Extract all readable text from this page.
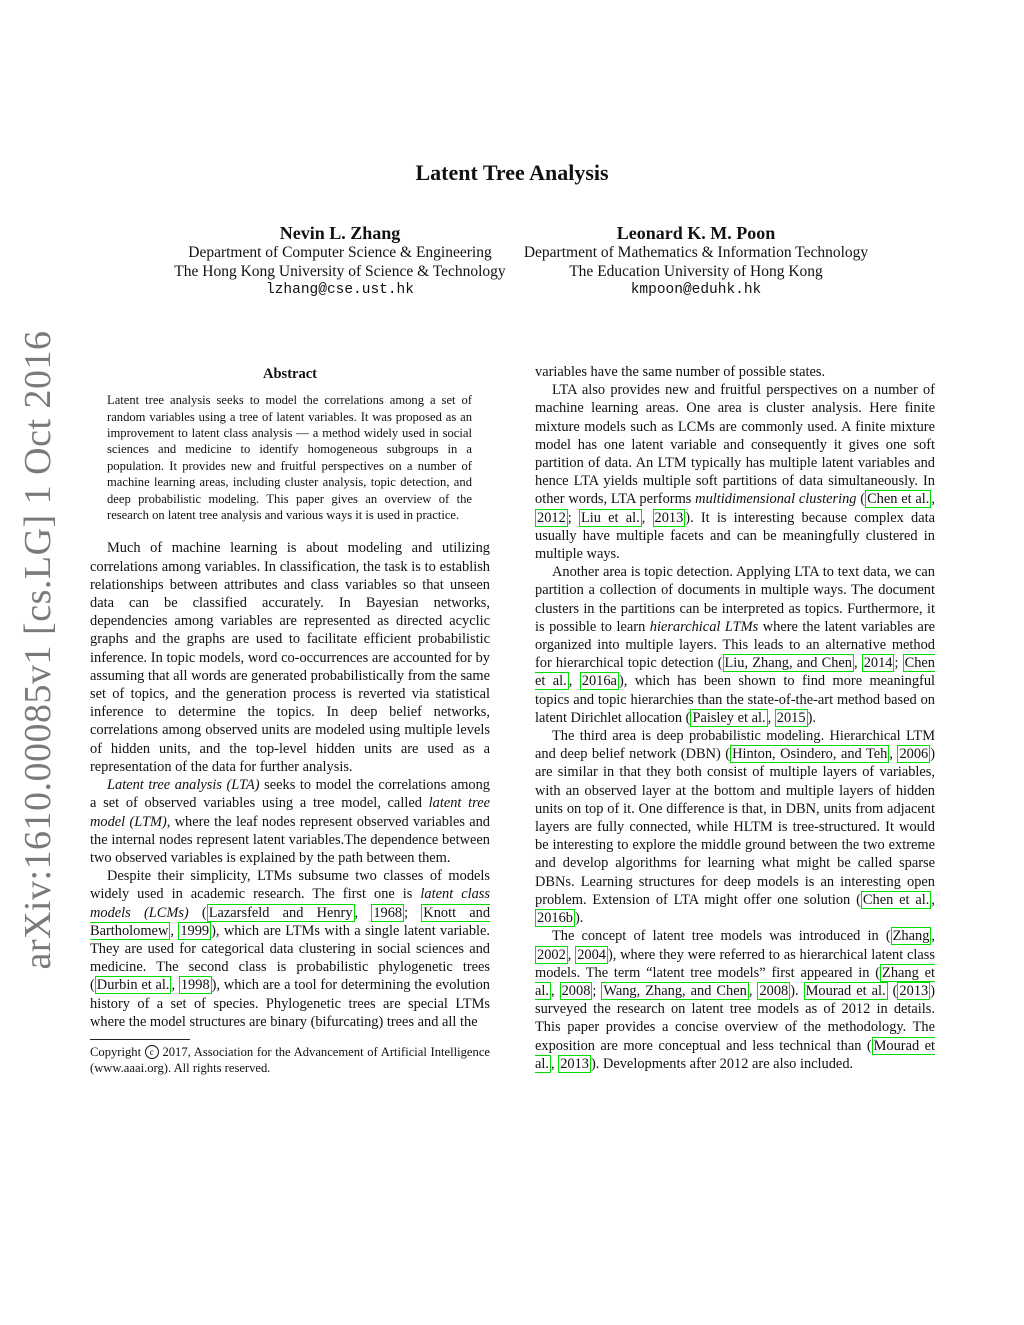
arXiv:1610.00085v1 [cs.LG] 1 Oct 2016
Latent Tree Analysis
Nevin L. Zhang
Department of Computer Science & Engineering
The Hong Kong University of Science & Technology
lzhang@cse.ust.hk
Leonard K. M. Poon
Department of Mathematics & Information Technology
The Education University of Hong Kong
kmpoon@eduhk.hk
Abstract

Latent tree analysis seeks to model the correlations among a set of random variables using a tree of latent variables. It was proposed as an improvement to latent class analysis — a method widely used in social sciences and medicine to identify homogeneous subgroups in a population. It provides new and fruitful perspectives on a number of machine learning areas, including cluster analysis, topic detection, and deep probabilistic modeling. This paper gives an overview of the research on latent tree analysis and various ways it is used in practice.

Much of machine learning is about modeling and utilizing correlations among variables. In classification, the task is to establish relationships between attributes and class variables so that unseen data can be classified accurately. In Bayesian networks, dependencies among variables are represented as directed acyclic graphs and the graphs are used to facilitate efficient probabilistic inference. In topic models, word co-occurrences are accounted for by assuming that all words are generated probabilistically from the same set of topics, and the generation process is reverted via statistical inference to determine the topics. In deep belief networks, correlations among observed units are modeled using multiple levels of hidden units, and the top-level hidden units are used as a representation of the data for further analysis.

Latent tree analysis (LTA) seeks to model the correlations among a set of observed variables using a tree model, called latent tree model (LTM), where the leaf nodes represent observed variables and the internal nodes represent latent variables.The dependence between two observed variables is explained by the path between them.

Despite their simplicity, LTMs subsume two classes of models widely used in academic research. The first one is latent class models (LCMs) ( Lazarsfeld and Henry , 1968 ; Knott and Bartholomew , 1999 ), which are LTMs with a single latent variable. They are used for categorical data clustering in social sciences and medicine. The second class is probabilistic phylogenetic trees ( Durbin et al. , 1998 ), which are a tool for determining the evolution history of a set of species. Phylogenetic trees are special LTMs where the model structures are binary (bifurcating) trees and all the

Copyright c 2017, Association for the Advancement of Artificial Intelligence (www.aaai.org). All rights reserved.

variables have the same number of possible states.

LTA also provides new and fruitful perspectives on a number of machine learning areas. One area is cluster analysis. Here finite mixture models such as LCMs are commonly used. A finite mixture model has one latent variable and consequently it gives one soft partition of data. An LTM typically has multiple latent variables and hence LTA yields multiple soft partitions of data simultaneously. In other words, LTA performs multidimensional clustering ( Chen et al. , 2012 ; Liu et al. , 2013 ). It is interesting because complex data usually have multiple facets and can be meaningfully clustered in multiple ways.

Another area is topic detection. Applying LTA to text data, we can partition a collection of documents in multiple ways. The document clusters in the partitions can be interpreted as topics. Furthermore, it is possible to learn hierarchical LTMs where the latent variables are organized into multiple layers. This leads to an alternative method for hierarchical topic detection ( Liu, Zhang, and Chen , 2014 ; Chen et al. , 2016a ), which has been shown to find more meaningful topics and topic hierarchies than the state-of-the-art method based on latent Dirichlet allocation ( Paisley et al. , 2015 ).

The third area is deep probabilistic modeling. Hierarchical LTM and deep belief network (DBN) ( Hinton, Osindero, and Teh , 2006 ) are similar in that they both consist of multiple layers of variables, with an observed layer at the bottom and multiple layers of hidden units on top of it. One difference is that, in DBN, units from adjacent layers are fully connected, while HLTM is tree-structured. It would be interesting to explore the middle ground between the two extreme and develop algorithms for learning what might be called sparse DBNs. Learning structures for deep models is an interesting open problem. Extension of LTA might offer one solution ( Chen et al. , 2016b ).

The concept of latent tree models was introduced in ( Zhang , 2002 , 2004 ), where they were referred to as hierarchical latent class models. The term “latent tree models” first appeared in ( Zhang et al. , 2008 ; Wang, Zhang, and Chen , 2008 ). Mourad et al. ( 2013 ) surveyed the research on latent tree models as of 2012 in details. This paper provides a concise overview of the methodology. The exposition are more conceptual and less technical than ( Mourad et al. , 2013 ). Developments after 2012 are also included.
